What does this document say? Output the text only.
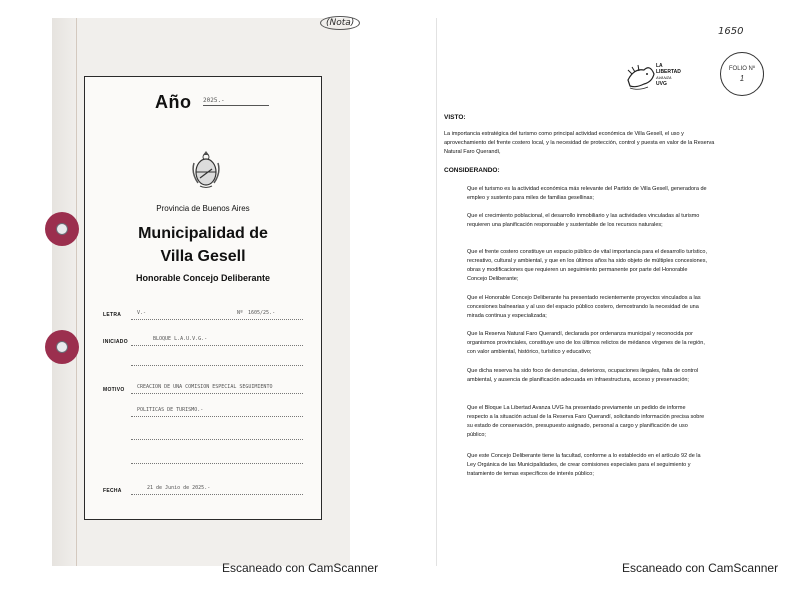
(Nota)
Año 2025.-
Provincia de Buenos Aires
Municipalidad de
Villa Gesell
Honorable Concejo Deliberante
LETRA	V.-	Nº 1605/25.-
INICIADO	BLOQUE L.A.U.V.G.-
MOTIVO CREACION DE UNA COMISION ESPECIAL SEGUIMIENTO
POLITICAS DE TURISMO.-
FECHA	21 de Junio de 2025.-
Escaneado con CamScanner
1650
FOLIO Nº
1
LA
LIBERTAD
AVANZA
UVG
VISTO:
La importancia estratégica del turismo como principal actividad económica de Villa Gesell, el uso y aprovechamiento del frente costero local, y la necesidad de protección, control y puesta en valor de la Reserva Natural Faro Querandí,
CONSIDERANDO:
Que el turismo es la actividad económica más relevante del Partido de Villa Gesell, generadora de empleo y sustento para miles de familias gesellinas;
Que el crecimiento poblacional, el desarrollo inmobiliario y las actividades vinculadas al turismo requieren una planificación responsable y sustentable de los recursos naturales;
Que el frente costero constituye un espacio público de vital importancia para el desarrollo turístico, recreativo, cultural y ambiental, y que en los últimos años ha sido objeto de múltiples concesiones, obras y modificaciones que requieren un seguimiento permanente por parte del Honorable Concejo Deliberante;
Que el Honorable Concejo Deliberante ha presentado recientemente proyectos vinculados a las concesiones balnearias y al uso del espacio público costero, demostrando la necesidad de una mirada continua y especializada;
Que la Reserva Natural Faro Querandí, declarada por ordenanza municipal y reconocida por organismos provinciales, constituye uno de los últimos relictos de médanos vírgenes de la región, con valor ambiental, histórico, turístico y educativo;
Que dicha reserva ha sido foco de denuncias, deterioros, ocupaciones ilegales, falta de control ambiental, y ausencia de planificación adecuada en infraestructura, acceso y preservación;
Que el Bloque La Libertad Avanza UVG ha presentado previamente un pedido de informe respecto a la situación actual de la Reserva Faro Querandí, solicitando información precisa sobre su estado de conservación, presupuesto asignado, personal a cargo y planificación de uso público;
Que este Concejo Deliberante tiene la facultad, conforme a lo establecido en el artículo 92 de la Ley Orgánica de las Municipalidades, de crear comisiones especiales para el seguimiento y tratamiento de temas específicos de interés público;
Escaneado con CamScanner
